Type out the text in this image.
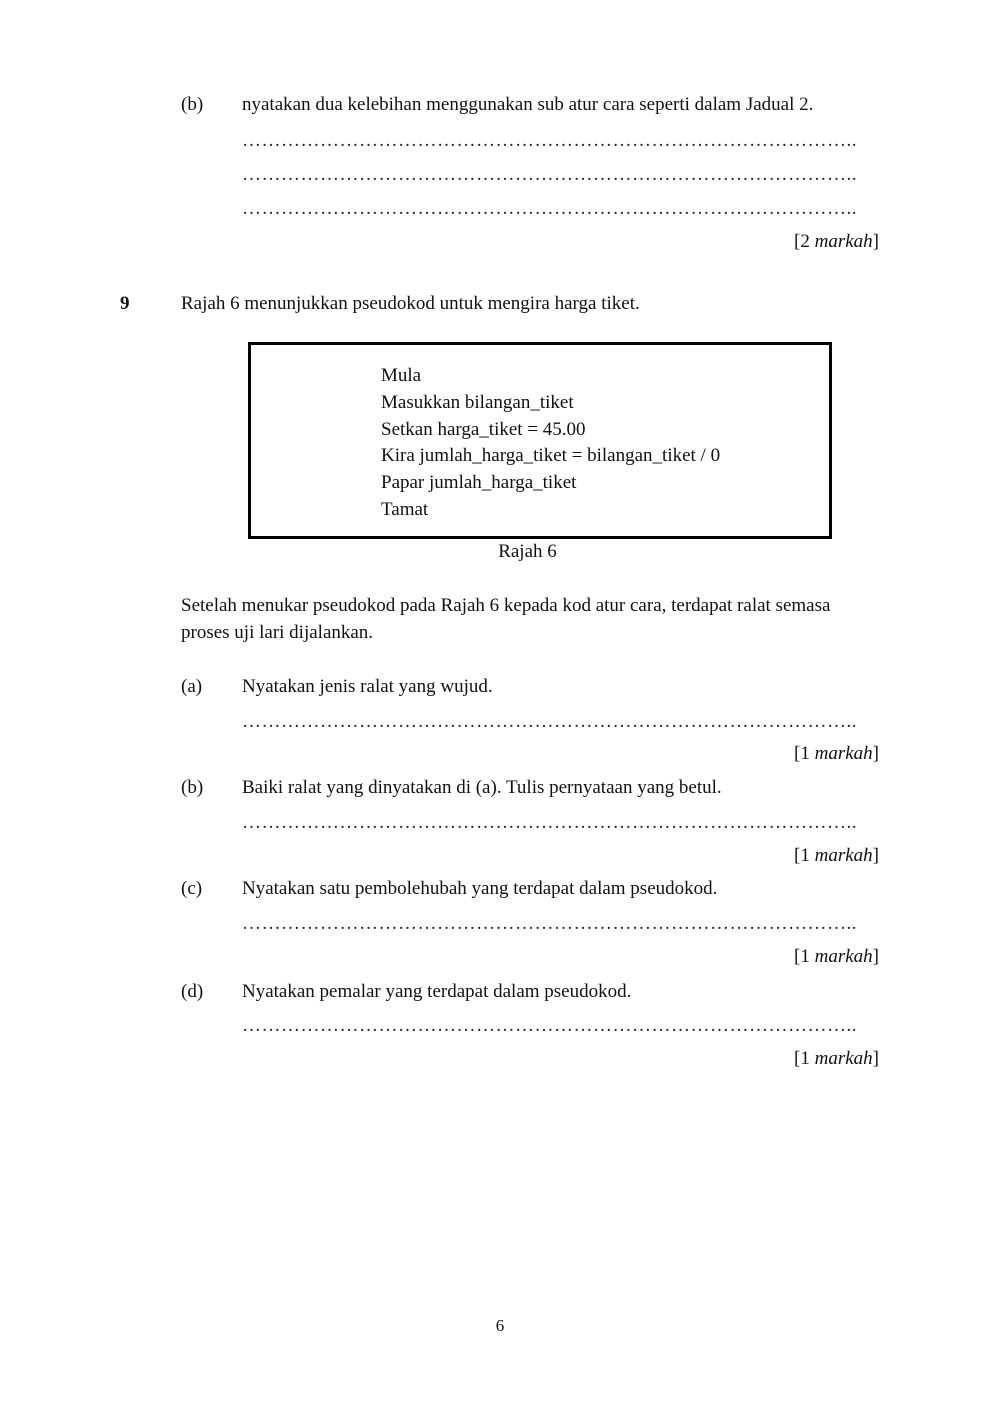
(b) nyatakan dua kelebihan menggunakan sub atur cara seperti dalam Jadual 2.
…………………………………………………………………………………..
…………………………………………………………………………………..
…………………………………………………………………………………..
[2 markah]
9	Rajah 6 menunjukkan pseudokod untuk mengira harga tiket.
Mula
Masukkan bilangan_tiket
Setkan harga_tiket = 45.00
Kira jumlah_harga_tiket = bilangan_tiket / 0
Papar jumlah_harga_tiket
Tamat
Rajah 6
Setelah menukar pseudokod pada Rajah 6 kepada kod atur cara, terdapat ralat semasa proses uji lari dijalankan.
(a) Nyatakan jenis ralat yang wujud.
…………………………………………………………………………………..
[1 markah]
(b) Baiki ralat yang dinyatakan di (a). Tulis pernyataan yang betul.
…………………………………………………………………………………..
[1 markah]
(c) Nyatakan satu pembolehubah yang terdapat dalam pseudokod.
…………………………………………………………………………………..
[1 markah]
(d) Nyatakan pemalar yang terdapat dalam pseudokod.
…………………………………………………………………………………..
[1 markah]
6
